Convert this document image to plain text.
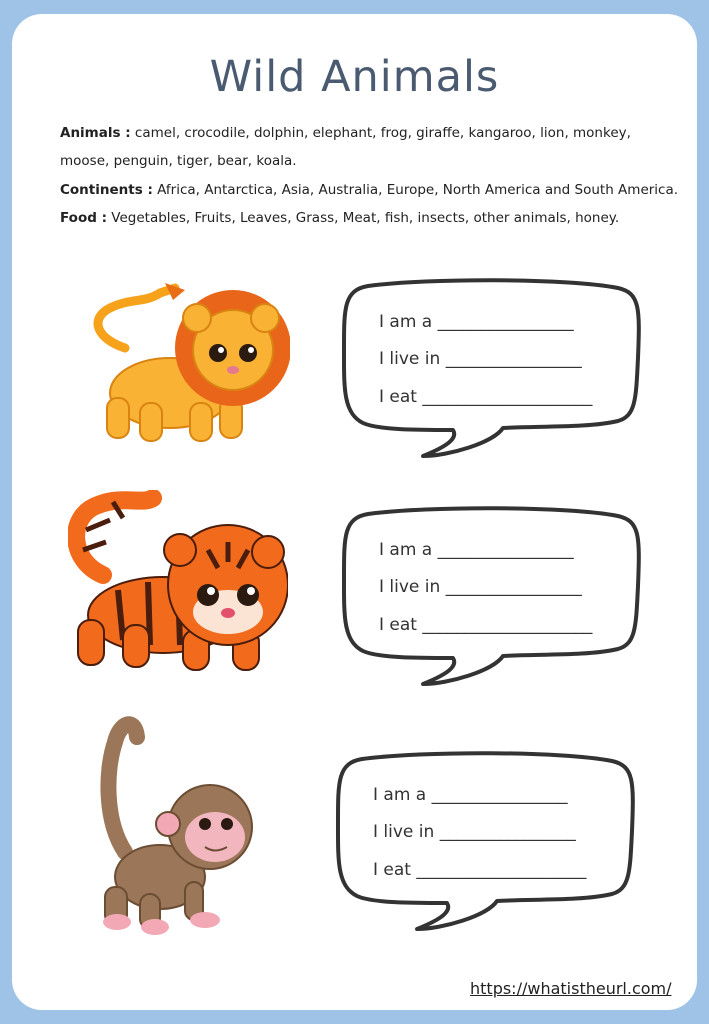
Wild Animals
Animals : camel, crocodile, dolphin, elephant, frog, giraffe, kangaroo, lion, monkey,
moose, penguin, tiger, bear, koala.
Continents : Africa, Antarctica, Asia, Australia, Europe, North America and South America.
Food : Vegetables, Fruits, Leaves, Grass, Meat, fish, insects, other animals, honey.
I am a ________________
I live in ________________
I eat ____________________
I am a ________________
I live in ________________
I eat ____________________
I am a ________________
I live in ________________
I eat ____________________
https://whatistheurl.com/
